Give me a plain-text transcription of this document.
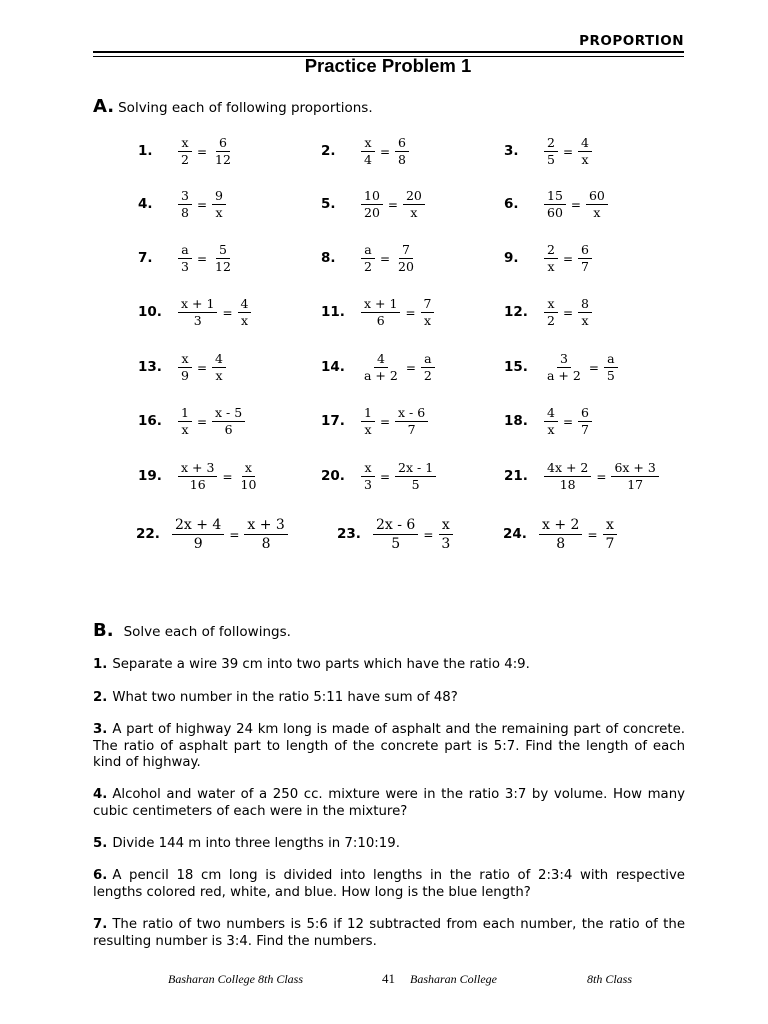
PROPORTION
Practice Problem 1
A. Solving each of following proportions.
1.	$\frac{x}{2} = \frac{6}{12}$	2.	$\frac{x}{4} = \frac{6}{8}$	3.	$\frac{2}{5} = \frac{4}{x}$
4.	$\frac{3}{8} = \frac{9}{x}$	5.	$\frac{10}{20} = \frac{20}{x}$	6.	$\frac{15}{60} = \frac{60}{x}$
7.	$\frac{a}{3} = \frac{5}{12}$	8.	$\frac{a}{2} = \frac{7}{20}$	9.	$\frac{2}{x} = \frac{6}{7}$
10.	$\frac{x + 1}{3} = \frac{4}{x}$	11.	$\frac{x + 1}{6} = \frac{7}{x}$	12.	$\frac{x}{2} = \frac{8}{x}$
13.	$\frac{x}{9} = \frac{4}{x}$	14.	$\frac{4}{a + 2} = \frac{a}{2}$	15.	$\frac{3}{a + 2} = \frac{a}{5}$
16.	$\frac{1}{x} = \frac{x - 5}{6}$	17.	$\frac{1}{x} = \frac{x - 6}{7}$	18.	$\frac{4}{x} = \frac{6}{7}$
19.	$\frac{x + 3}{16} = \frac{x}{10}$	20.	$\frac{x}{3} = \frac{2x - 1}{5}$	21.	$\frac{4x + 2}{18} = \frac{6x + 3}{17}$
22. $\frac{2x + 4}{9} = \frac{x + 3}{8}$	23. $\frac{2x - 6}{5} = \frac{x}{3}$	24. $\frac{x + 2}{8} = \frac{x}{7}$
B. Solve each of followings.
1. Separate a wire 39 cm into two parts which have the ratio 4:9.
2. What two number in the ratio 5:11 have sum of 48?
3. A part of highway 24 km long is made of asphalt and the remaining part of concrete. The ratio of asphalt part to length of the concrete part is 5:7. Find the length of each kind of highway.
4. Alcohol and water of a 250 cc. mixture were in the ratio 3:7 by volume. How many cubic centimeters of each were in the mixture?
5. Divide 144 m into three lengths in 7:10:19.
6. A pencil 18 cm long is divided into lengths in the ratio of 2:3:4 with respective lengths colored red, white, and blue. How long is the blue length?
7. The ratio of two numbers is 5:6 if 12 subtracted from each number, the ratio of the resulting number is 3:4. Find the numbers.
Basharan College 8th Class	41 Basharan College	8th Class
